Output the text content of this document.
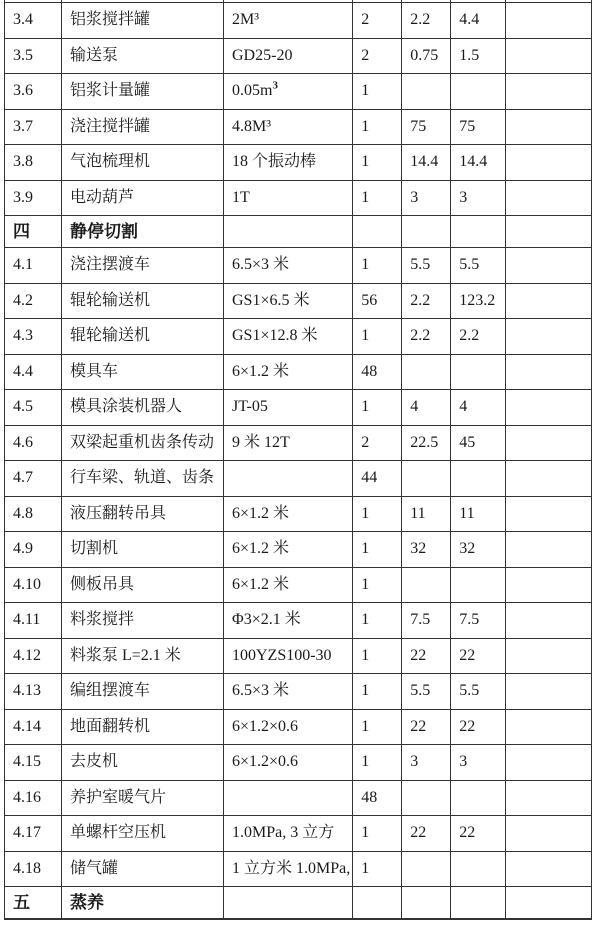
3.4	铝浆搅拌罐	2M³	2	2.2	4.4	
3.5	输送泵	GD25-20	2	0.75	1.5	
3.6	铝浆计量罐	$0.05m^3$	1			
3.7	浇注搅拌罐	4.8M³	1	75	75	
3.8	气泡梳理机	18 个振动棒	1	14.4	14.4	
3.9	电动葫芦	1T	1	3	3	
四	静停切割					
4.1	浇注摆渡车	6.5×3 米	1	5.5	5.5	
4.2	辊轮输送机	GS1×6.5 米	56	2.2	123.2	
4.3	辊轮输送机	GS1×12.8 米	1	2.2	2.2	
4.4	模具车	6×1.2 米	48			
4.5	模具涂装机器人	JT-05	1	4	4	
4.6	双梁起重机齿条传动	9 米 12T	2	22.5	45	
4.7	行车梁、轨道、齿条		44			
4.8	液压翻转吊具	6×1.2 米	1	11	11	
4.9	切割机	6×1.2 米	1	32	32	
4.10	侧板吊具	6×1.2 米	1			
4.11	料浆搅拌	Φ3×2.1 米	1	7.5	7.5	
4.12	料浆泵 L=2.1 米	100YZS100-30	1	22	22	
4.13	编组摆渡车	6.5×3 米	1	5.5	5.5	
4.14	地面翻转机	6×1.2×0.6	1	22	22	
4.15	去皮机	6×1.2×0.6	1	3	3	
4.16	养护室暖气片		48			
4.17	单螺杆空压机	1.0MPa, 3 立方	1	22	22	
4.18	储气罐	1 立方米 1.0MPa,	1			
五	蒸养					
